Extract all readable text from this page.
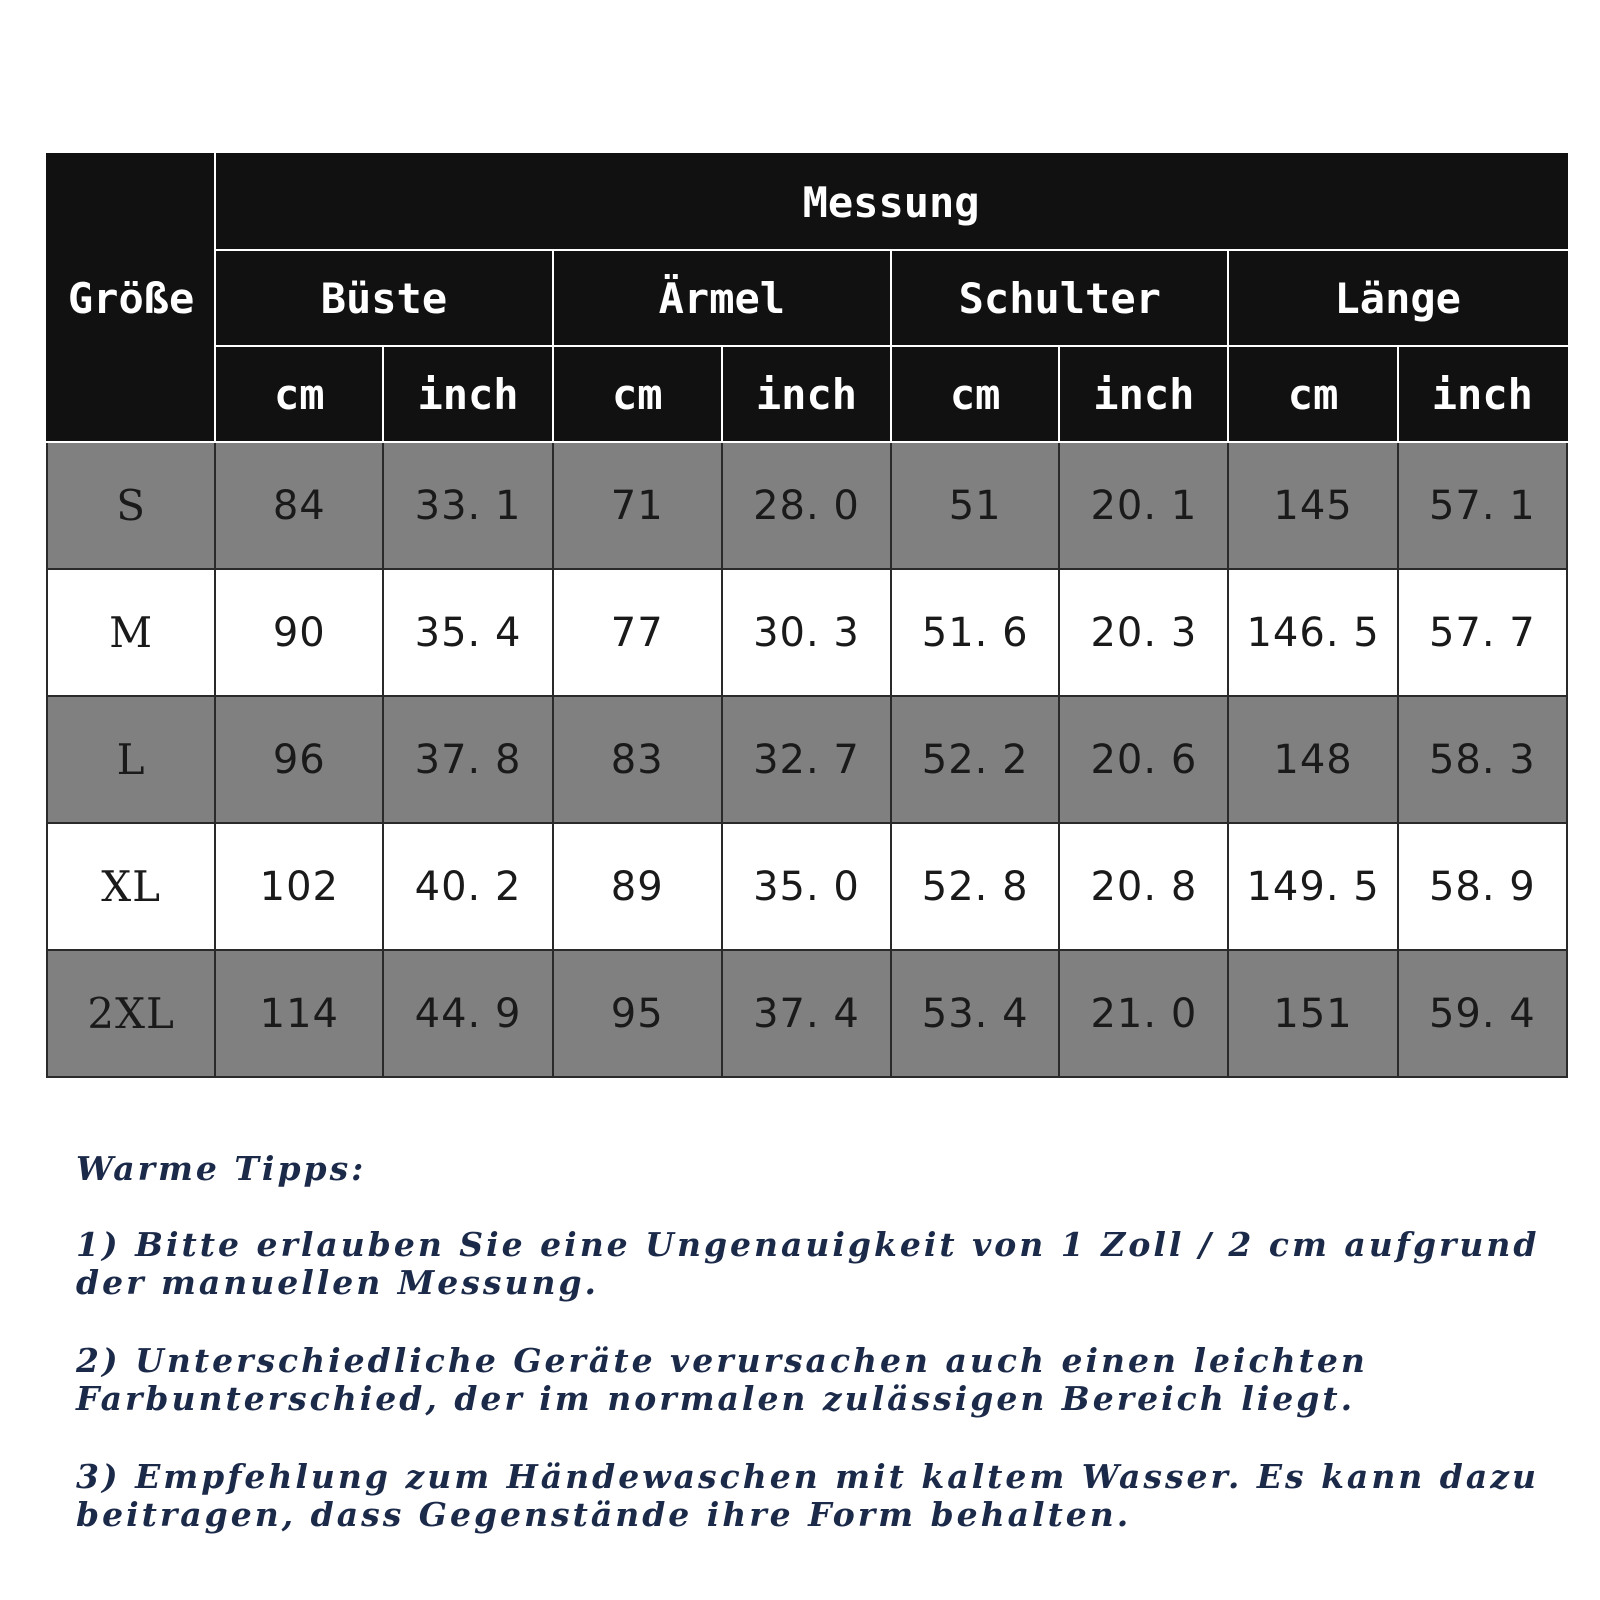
Größe	Messung							
	Büste		Ärmel		Schulter		Länge	
	cm	inch	cm	inch	cm	inch	cm	inch
S	84	33. 1	71	28. 0	51	20. 1	145	57. 1
M	90	35. 4	77	30. 3	51. 6	20. 3	146. 5	57. 7
L	96	37. 8	83	32. 7	52. 2	20. 6	148	58. 3
XL	102	40. 2	89	35. 0	52. 8	20. 8	149. 5	58. 9
2XL	114	44. 9	95	37. 4	53. 4	21. 0	151	59. 4

Warme Tipps:

1) Bitte erlauben Sie eine Ungenauigkeit von 1 Zoll / 2 cm aufgrund der manuellen Messung.

2) Unterschiedliche Geräte verursachen auch einen leichten Farbunterschied, der im normalen zulässigen Bereich liegt.

3) Empfehlung zum Händewaschen mit kaltem Wasser. Es kann dazu beitragen, dass Gegenstände ihre Form behalten.
